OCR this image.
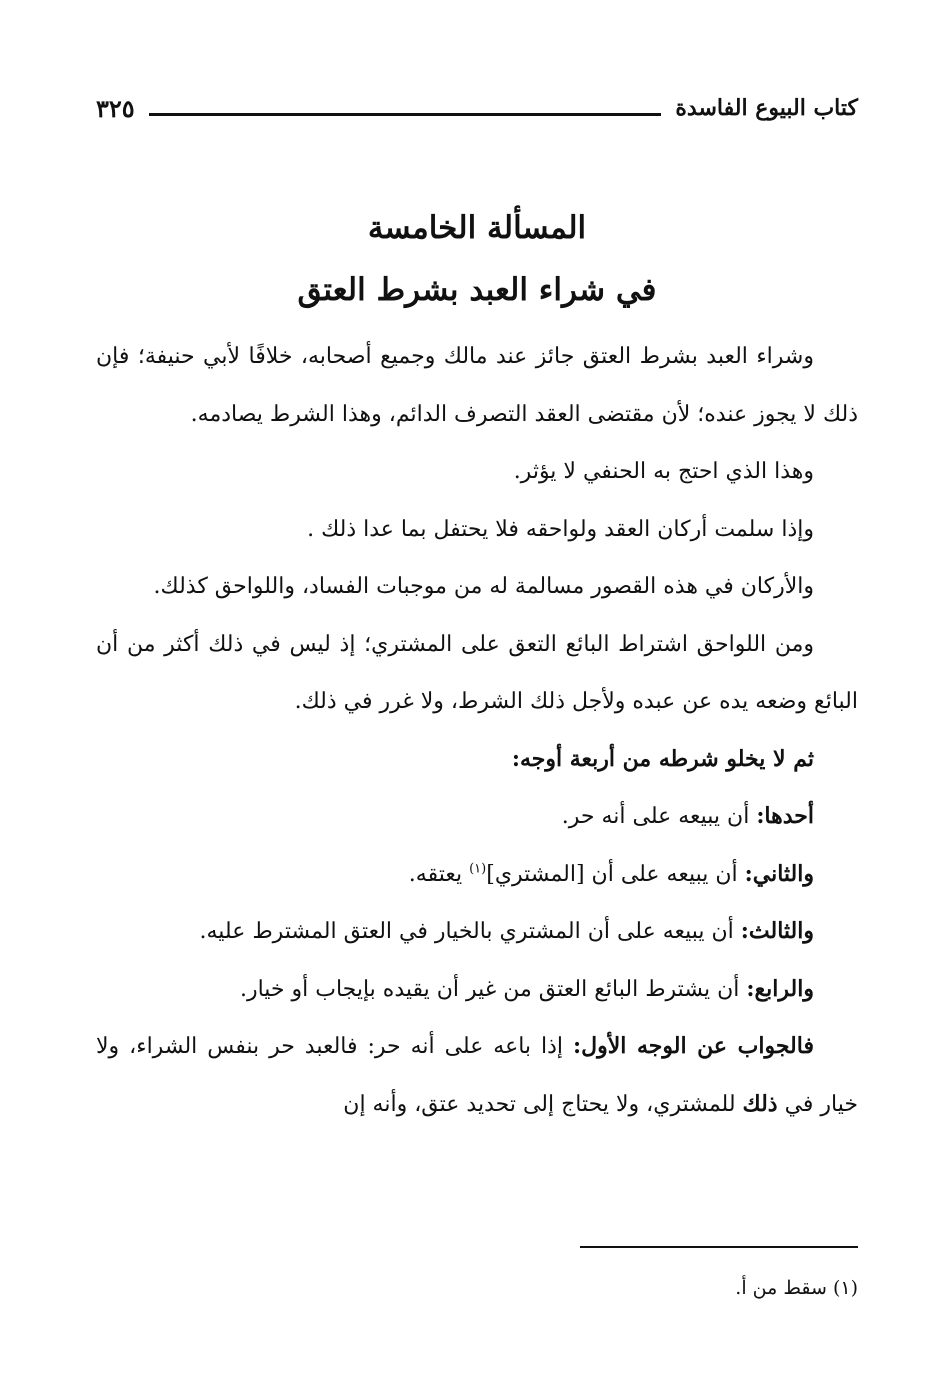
كتاب البيوع الفاسدة
٣٢٥
المسألة الخامسة
في شراء العبد بشرط العتق

وشراء العبد بشرط العتق جائز عند مالك وجميع أصحابه، خلافًا لأبي حنيفة؛ فإن ذلك لا يجوز عنده؛ لأن مقتضى العقد التصرف الدائم، وهذا الشرط يصادمه.

وهذا الذي احتج به الحنفي لا يؤثر.

وإذا سلمت أركان العقد ولواحقه فلا يحتفل بما عدا ذلك .

والأركان في هذه القصور مسالمة له من موجبات الفساد، واللواحق كذلك.

ومن اللواحق اشتراط البائع التعق على المشتري؛ إذ ليس في ذلك أكثر من أن البائع وضعه يده عن عبده ولأجل ذلك الشرط، ولا غرر في ذلك.

ثم لا يخلو شرطه من أربعة أوجه:

أحدها: أن يبيعه على أنه حر.

والثاني: أن يبيعه على أن [المشتري]$^{(١)}$ يعتقه.

والثالث: أن يبيعه على أن المشتري بالخيار في العتق المشترط عليه.

والرابع: أن يشترط البائع العتق من غير أن يقيده بإيجاب أو خيار.

فالجواب عن الوجه الأول: إذا باعه على أنه حر: فالعبد حر بنفس الشراء، ولا خيار في ذلك للمشتري، ولا يحتاج إلى تحديد عتق، وأنه إن

(١) سقط من أ.
